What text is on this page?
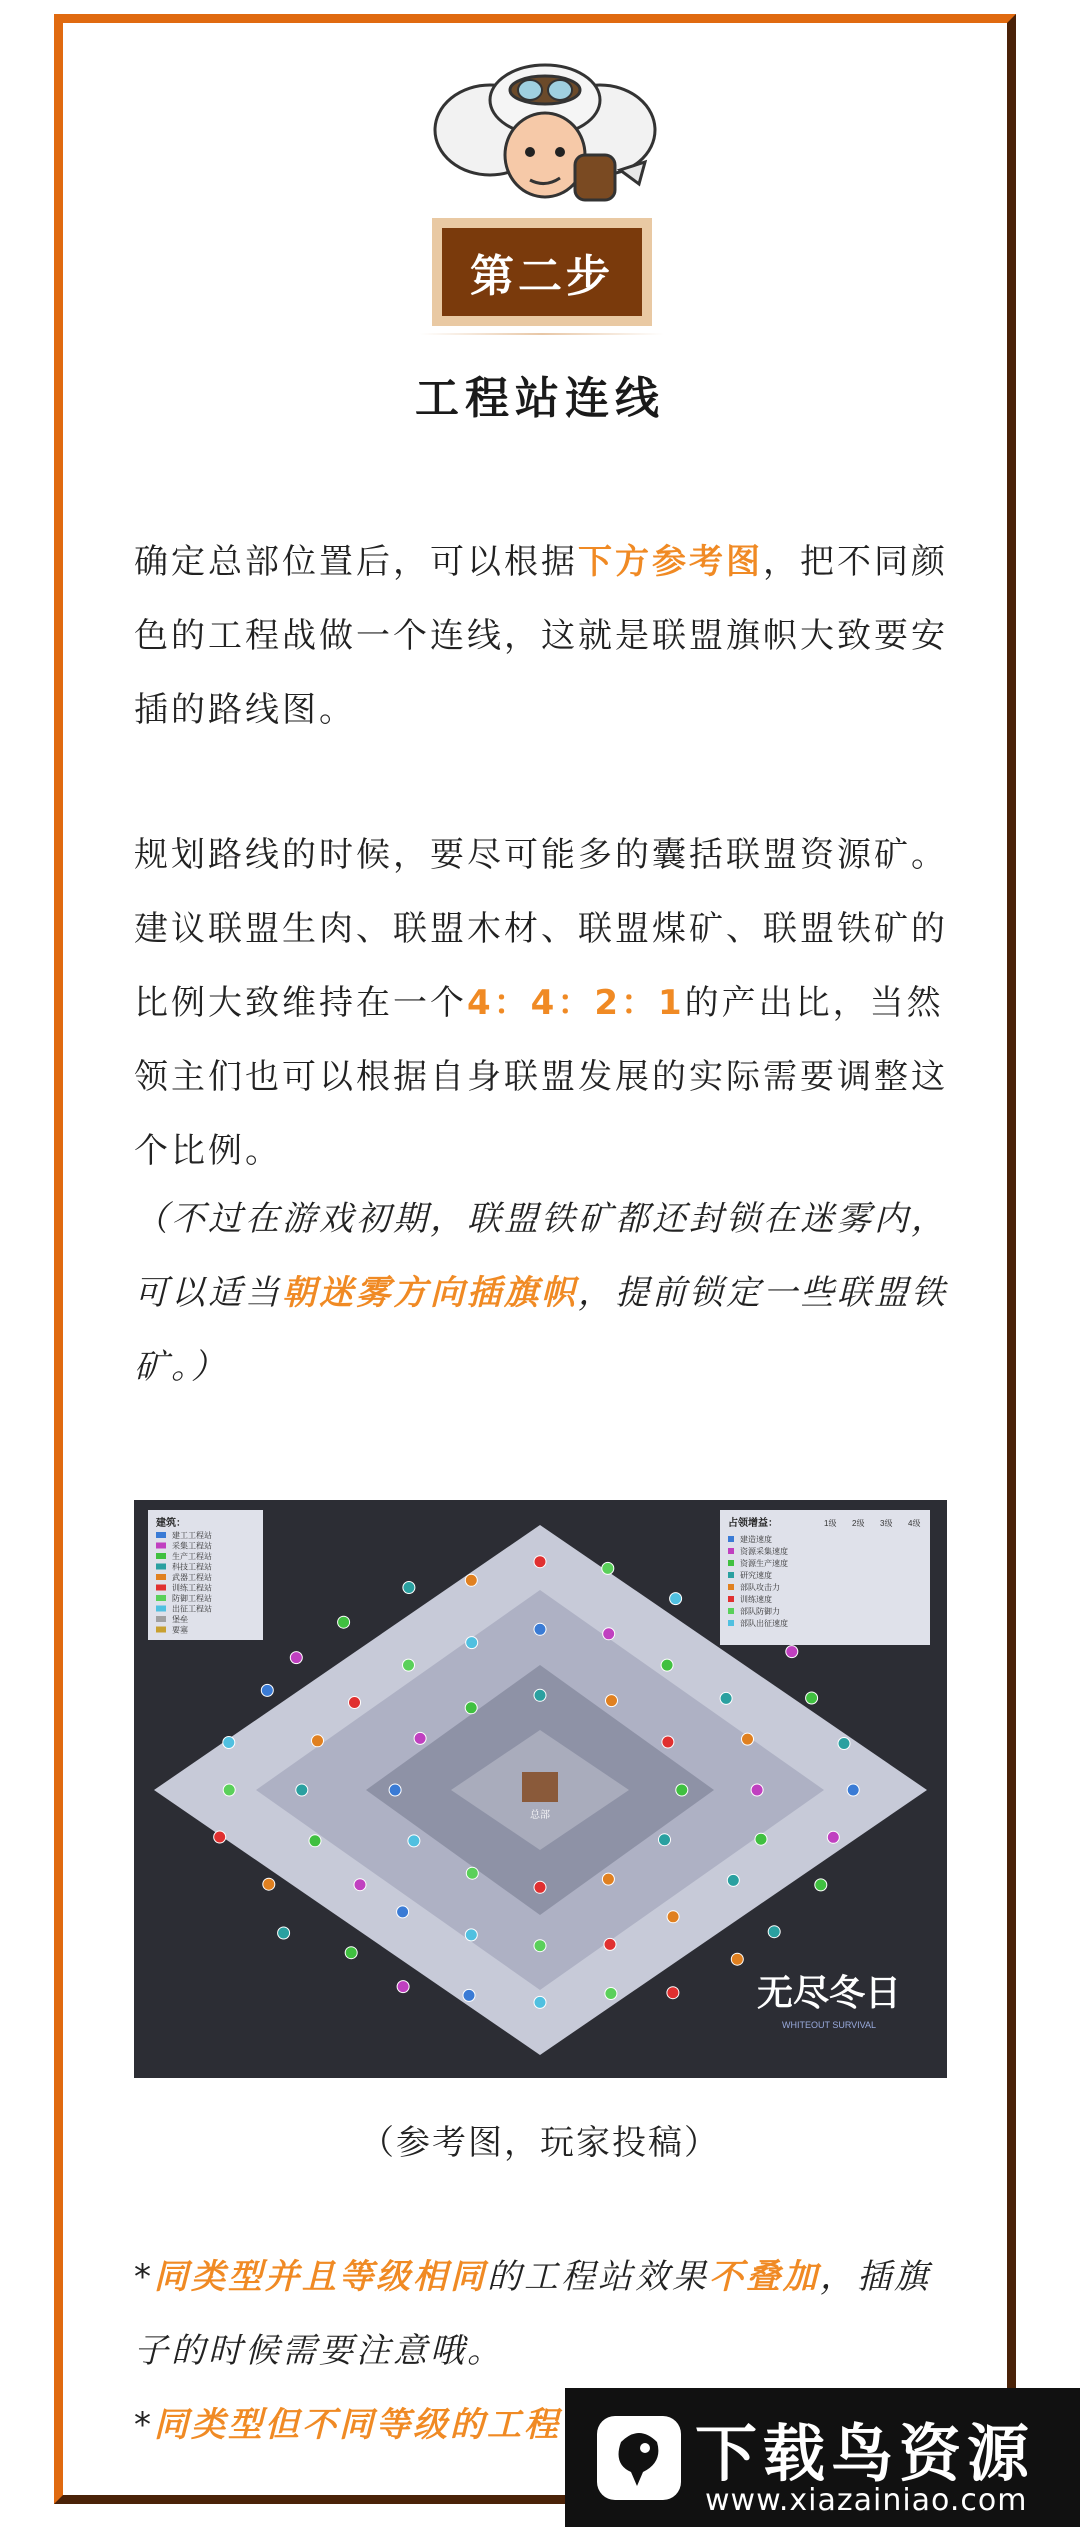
第二步
工程站连线

确定总部位置后，可以根据下方参考图，把不同颜色的工程战做一个连线，这就是联盟旗帜大致要安插的路线图。

规划路线的时候，要尽可能多的囊括联盟资源矿。建议联盟生肉、联盟木材、联盟煤矿、联盟铁矿的比例大致维持在一个4：4：2：1的产出比，当然领主们也可以根据自身联盟发展的实际需要调整这个比例。

（不过在游戏初期，联盟铁矿都还封锁在迷雾内，可以适当朝迷雾方向插旗帜，提前锁定一些联盟铁矿。）

总部
建筑：
建工工程站
采集工程站
生产工程站
科技工程站
武器工程站
训练工程站
防御工程站
出征工程站
堡垒
要塞
占领增益：	1级 2级 3级 4级
建造速度
资源采集速度
资源生产速度
研究速度
部队攻击力
训练速度
部队防御力
部队出征速度
无尽冬日
WHITEOUT SURVIVAL
（参考图，玩家投稿）

*同类型并且等级相同的工程站效果不叠加，插旗子的时候需要注意哦。

*同类型但不同等级的工程	下载鸟资源
www.xiazainiao.com
